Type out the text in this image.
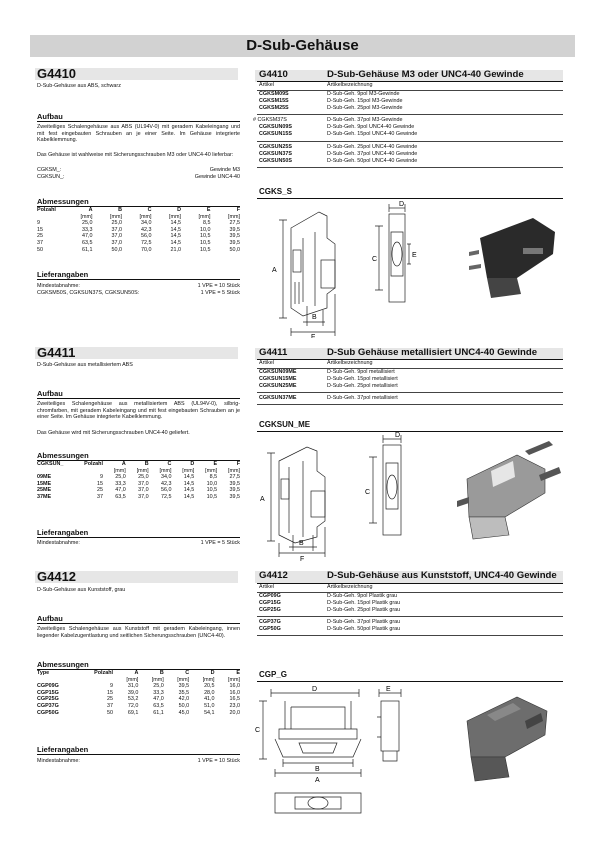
D-Sub-Gehäuse
G4410
D-Sub-Gehäuse aus ABS, schwarz
Aufbau
Zweiteiliges Schalengehäuse aus ABS (UL94V-0) mit geradem Kabeleingang und mit fest eingebauten Schrauben an je einer Seite. Im Gehäuse integrierte Kabelklemmung.
Das Gehäuse ist wahlweise mit Sicherungsschrauben M3 oder UNC4-40 lieferbar:
CGKSM_:	Gewinde M3
CGKSUN_:	Gewinde UNC4-40
Abmessungen
Polzahl	A	B	C	D	E	F
	[mm]	[mm]	[mm]	[mm]	[mm]	[mm]
9	25,0	25,0	34,0	14,5	8,5	27,5
15	33,3	37,0	42,3	14,5	10,0	39,5
25	47,0	37,0	56,0	14,5	10,5	39,5
37	63,5	37,0	72,5	14,5	10,5	39,5
50	61,1	50,0	70,0	21,0	10,5	50,0
Lieferangaben
Mindestabnahme:	1 VPE = 10 Stück
CGKSM50S, CGKSUN37S, CGKSUN50S:	1 VPE = 5 Stück
G4411
D-Sub-Gehäuse aus metallisiertem ABS
Aufbau
Zweiteiliges Schalengehäuse aus metallisiertem ABS (UL94V-0), silbrig-chromfarben, mit geradem Kabeleingang und mit fest eingebauten Schrauben an je einer Seite. Im Gehäuse integrierte Kabelklemmung.
Das Gehäuse wird mit Sicherungsschrauben UNC4-40 geliefert.
Abmessungen
CGKSUN_	Polzahl	A	B	C	D	E	F
		[mm]	[mm]	[mm]	[mm]	[mm]	[mm]
09ME	9	25,0	25,0	34,0	14,5	8,5	27,5
15ME	15	33,3	37,0	42,3	14,5	10,0	39,5
25ME	25	47,0	37,0	56,0	14,5	10,5	39,5
37ME	37	63,5	37,0	72,5	14,5	10,5	39,5
Lieferangaben
Mindestabnahme:	1 VPE = 5 Stück
G4412
D-Sub-Gehäuse aus Kunststoff, grau
Aufbau
Zweiteiliges Schalengehäuse aus Kunststoff mit geradem Kabeleingang, innen liegender Kabelzugentlastung und seitlichen Sicherungsschrauben (UNC4-40).
Abmessungen
Type	Polzahl	A	B	C	D	E
		[mm]	[mm]	[mm]	[mm]	[mm]
CGP09G	9	31,0	25,0	39,5	20,5	16,0
CGP15G	15	39,0	33,3	35,5	28,0	16,0
CGP25G	25	53,2	47,0	42,0	41,0	16,5
CGP37G	37	72,0	63,5	50,0	51,0	23,0
CGP50G	50	69,1	61,1	45,0	54,1	20,0
Lieferangaben
Mindestabnahme:	1 VPE = 10 Stück
G4410	D-Sub-Gehäuse M3 oder UNC4-40 Gewinde
Artikel	Artikelbezeichnung
CGKSM09S	D-Sub-Geh. 9pol M3-Gewinde
CGKSM15S	D-Sub-Geh. 15pol M3-Gewinde
CGKSM25S	D-Sub-Geh. 25pol M3-Gewinde
# CGKSM37S	D-Sub-Geh. 37pol M3-Gewinde
CGKSUN09S	D-Sub-Geh. 9pol UNC4-40 Gewinde
CGKSUN15S	D-Sub-Geh. 15pol UNC4-40 Gewinde
CGKSUN25S	D-Sub-Geh. 25pol UNC4-40 Gewinde
CGKSUN37S	D-Sub-Geh. 37pol UNC4-40 Gewinde
CGKSUN50S	D-Sub-Geh. 50pol UNC4-40 Gewinde
CGKS_S
A
B
F
C
D
E
G4411	D-Sub Gehäuse metallisiert UNC4-40 Gewinde
Artikel	Artikelbezeichnung
CGKSUN09ME	D-Sub-Geh. 9pol metallisiert
CGKSUN15ME	D-Sub-Geh. 15pol metallisiert
CGKSUN25ME	D-Sub-Geh. 25pol metallisiert
CGKSUN37ME	D-Sub-Geh. 37pol metallisiert
CGKSUN_ME
A
B
F
C
D
G4412	D-Sub-Gehäuse aus Kunststoff, UNC4-40 Gewinde
Artikel	Artikelbezeichnung
CGP09G	D-Sub-Geh. 9pol Plastik grau
CGP15G	D-Sub-Geh. 15pol Plastik grau
CGP25G	D-Sub-Geh. 25pol Plastik grau
CGP37G	D-Sub-Geh. 37pol Plastik grau
CGP50G	D-Sub-Geh. 50pol Plastik grau
CGP_G
D
C
B
A
E
